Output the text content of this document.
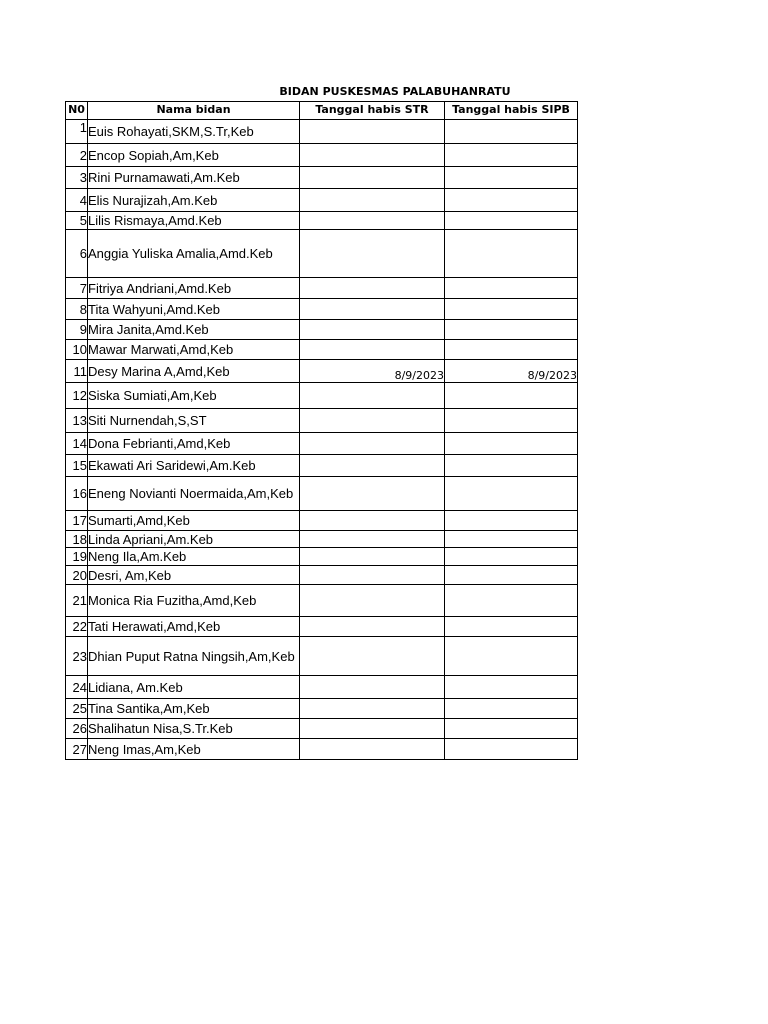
BIDAN PUSKESMAS PALABUHANRATU
N0	Nama bidan	Tanggal habis STR	Tanggal habis SIPB
1	Euis Rohayati,SKM,S.Tr,Keb		
2	Encop Sopiah,Am,Keb		
3	Rini Purnamawati,Am.Keb		
4	Elis Nurajizah,Am.Keb		
5	Lilis Rismaya,Amd.Keb		
6	Anggia Yuliska Amalia,Amd.Keb		
7	Fitriya Andriani,Amd.Keb		
8	Tita Wahyuni,Amd.Keb		
9	Mira Janita,Amd.Keb		
10	Mawar Marwati,Amd,Keb		
11	Desy Marina A,Amd,Keb	8/9/2023	8/9/2023
12	Siska Sumiati,Am,Keb		
13	Siti Nurnendah,S,ST		
14	Dona Febrianti,Amd,Keb		
15	Ekawati Ari Saridewi,Am.Keb		
16	Eneng Novianti Noermaida,Am,Keb		
17	Sumarti,Amd,Keb		
18	Linda Apriani,Am.Keb		
19	Neng Ila,Am.Keb		
20	Desri, Am,Keb		
21	Monica Ria Fuzitha,Amd,Keb		
22	Tati Herawati,Amd,Keb		
23	Dhian Puput Ratna Ningsih,Am,Keb		
24	Lidiana, Am.Keb		
25	Tina Santika,Am,Keb		
26	Shalihatun Nisa,S.Tr.Keb		
27	Neng Imas,Am,Keb		
